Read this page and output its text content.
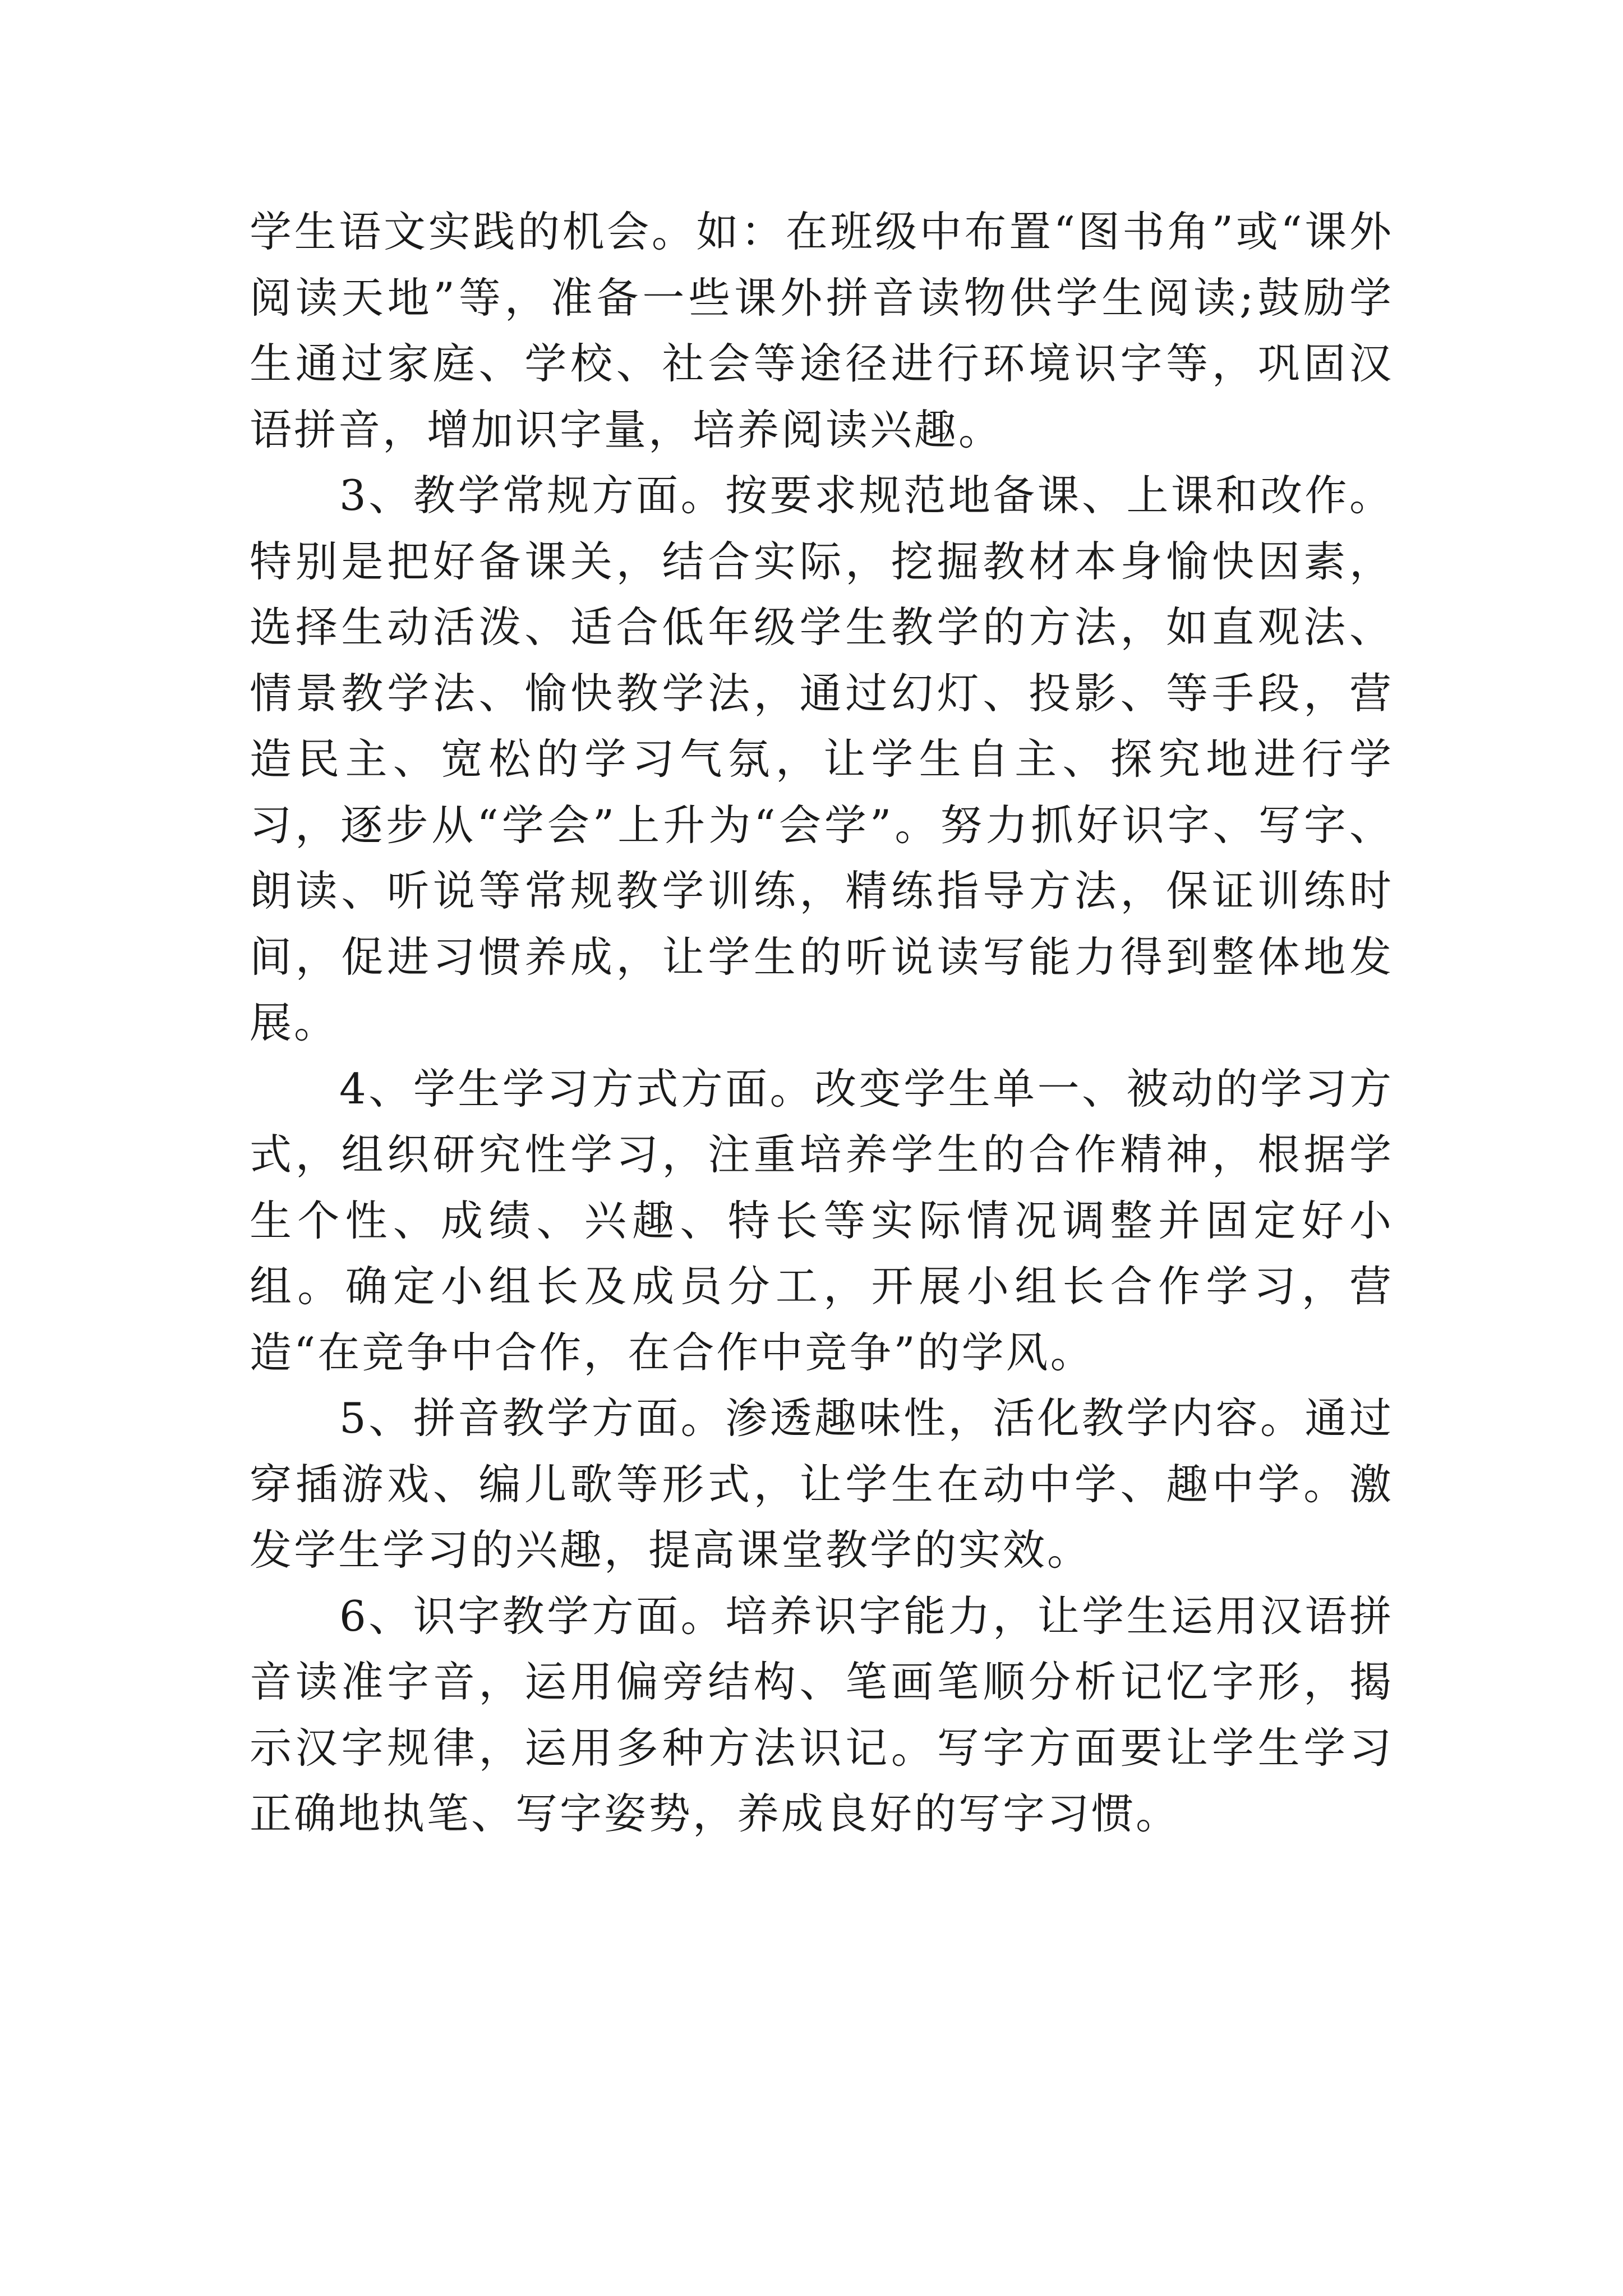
学生语文实践的机会。如：在班级中布置“图书角”或“课外阅读天地”等，准备一些课外拼音读物供学生阅读;鼓励学生通过家庭、学校、社会等途径进行环境识字等，巩固汉语拼音，增加识字量，培养阅读兴趣。

3、教学常规方面。按要求规范地备课、上课和改作。特别是把好备课关，结合实际，挖掘教材本身愉快因素，选择生动活泼、适合低年级学生教学的方法，如直观法、情景教学法、愉快教学法，通过幻灯、投影、等手段，营造民主、宽松的学习气氛，让学生自主、探究地进行学习，逐步从“学会”上升为“会学”。努力抓好识字、写字、朗读、听说等常规教学训练，精练指导方法，保证训练时间，促进习惯养成，让学生的听说读写能力得到整体地发展。

4、学生学习方式方面。改变学生单一、被动的学习方式，组织研究性学习，注重培养学生的合作精神，根据学生个性、成绩、兴趣、特长等实际情况调整并固定好小组。确定小组长及成员分工，开展小组长合作学习，营造“在竞争中合作，在合作中竞争”的学风。

5、拼音教学方面。渗透趣味性，活化教学内容。通过穿插游戏、编儿歌等形式，让学生在动中学、趣中学。激发学生学习的兴趣，提高课堂教学的实效。

6、识字教学方面。培养识字能力，让学生运用汉语拼音读准字音，运用偏旁结构、笔画笔顺分析记忆字形，揭示汉字规律，运用多种方法识记。写字方面要让学生学习正确地执笔、写字姿势，养成良好的写字习惯。
